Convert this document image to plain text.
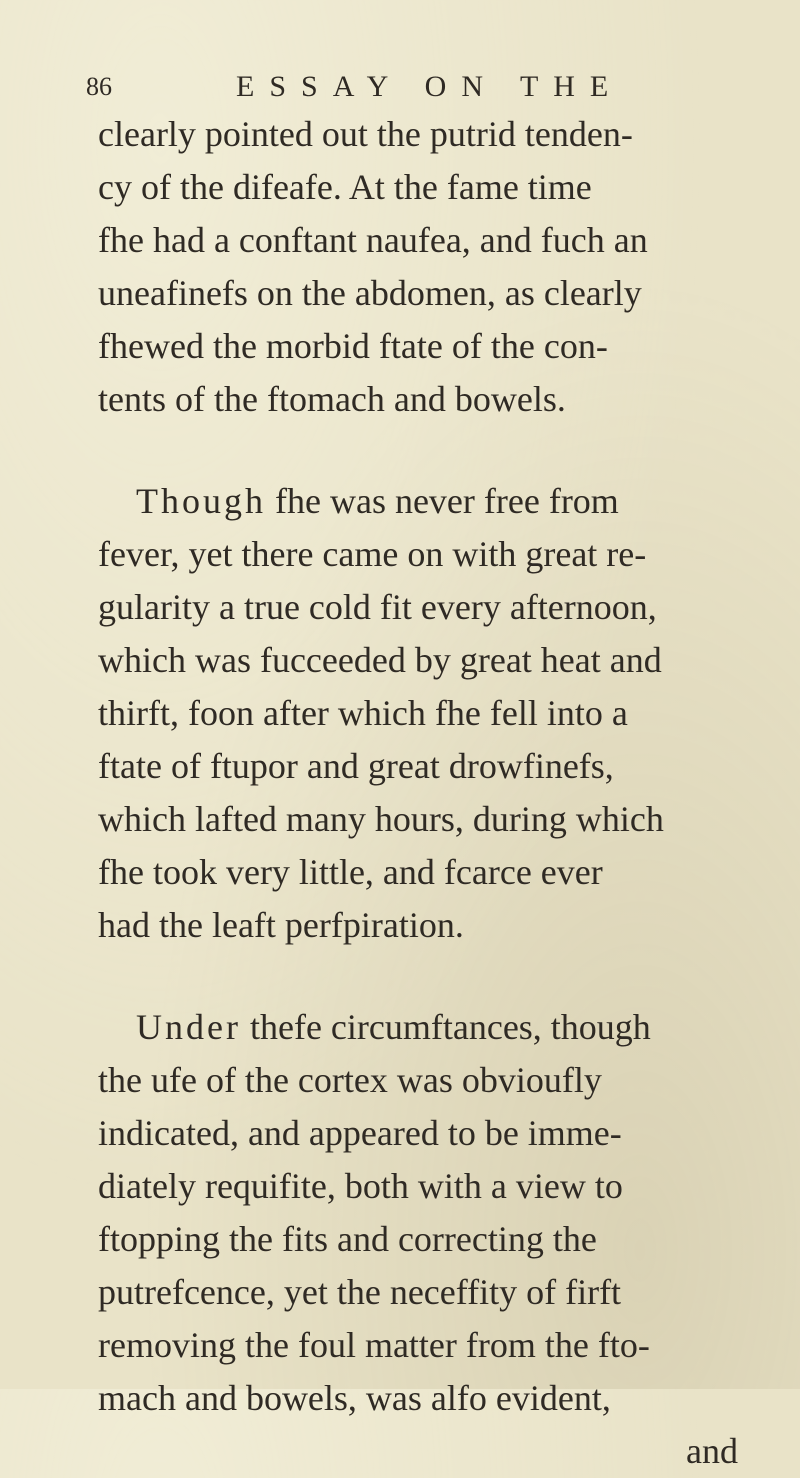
86	ESSAY ON THE
clearly pointed out the putrid tenden-
cy of the difeafe. At the fame time
fhe had a conftant naufea, and fuch an
uneafinefs on the abdomen, as clearly
fhewed the morbid ftate of the con-
tents of the ftomach and bowels.
Though fhe was never free from
fever, yet there came on with great re-
gularity a true cold fit every afternoon,
which was fucceeded by great heat and
thirft, foon after which fhe fell into a
ftate of ftupor and great drowfinefs,
which lafted many hours, during which
fhe took very little, and fcarce ever
had the leaft perfpiration.
Under thefe circumftances, though
the ufe of the cortex was obvioufly
indicated, and appeared to be imme-
diately requifite, both with a view to
ftopping the fits and correcting the
putrefcence, yet the neceffity of firft
removing the foul matter from the fto-
mach and bowels, was alfo evident,
and
